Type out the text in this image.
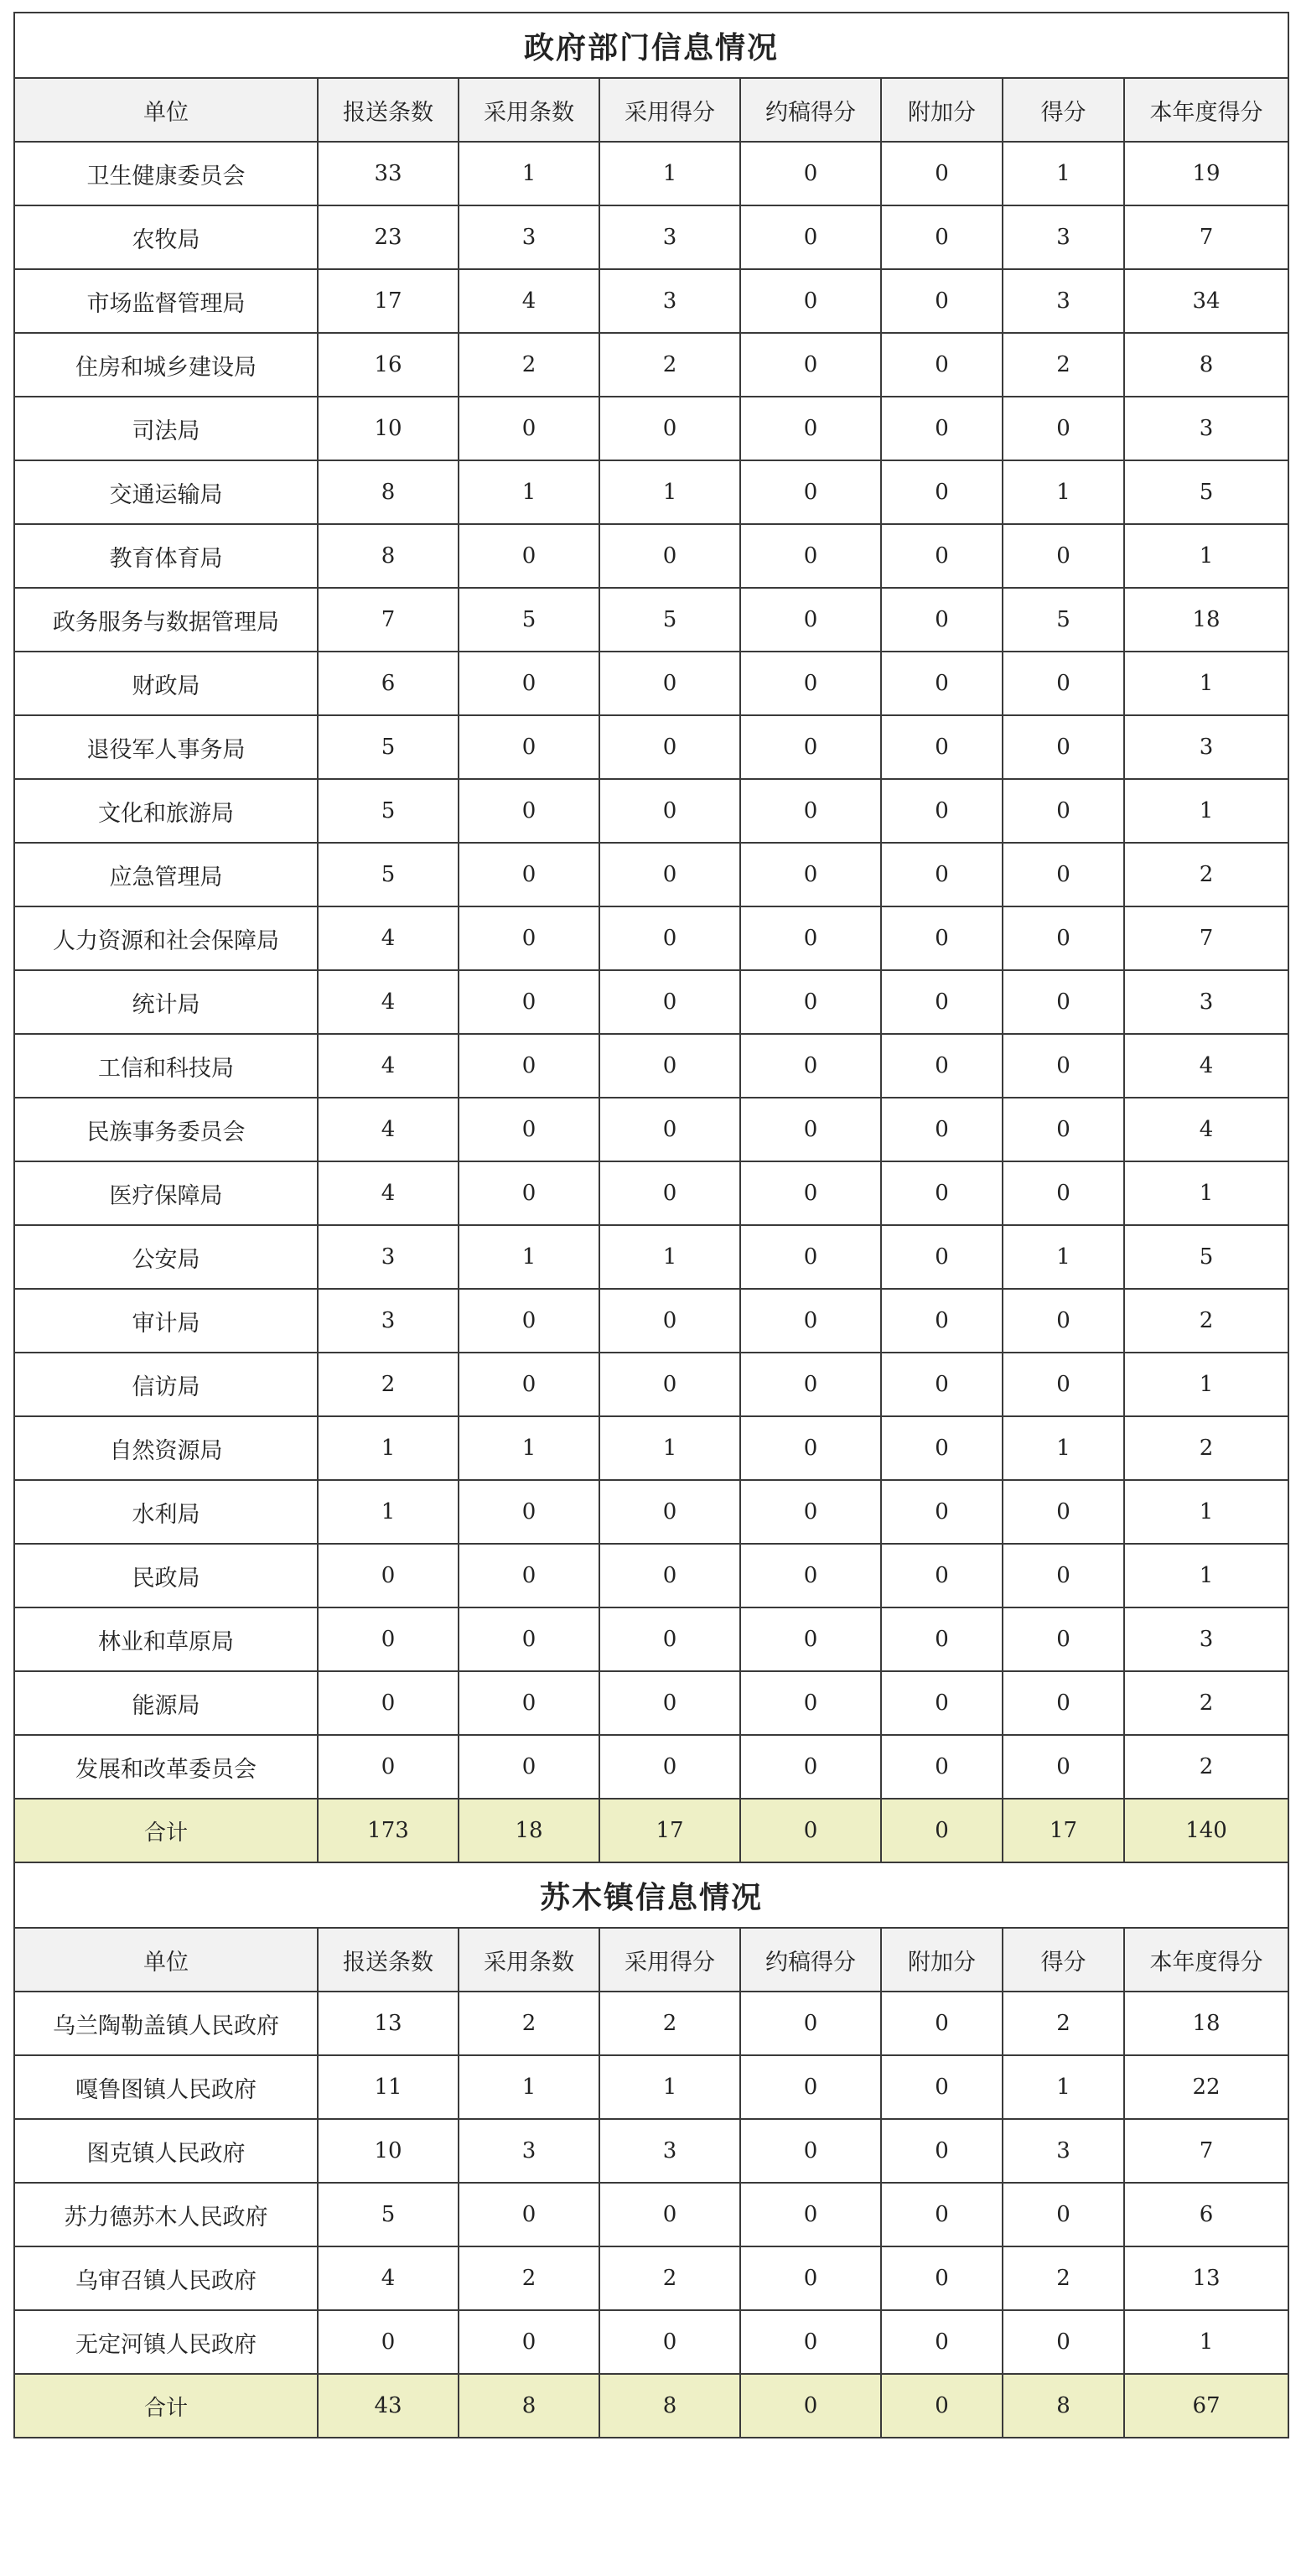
政府部门信息情况							
单位	报送条数	采用条数	采用得分	约稿得分	附加分	得分	本年度得分
卫生健康委员会	33	1	1	0	0	1	19
农牧局	23	3	3	0	0	3	7
市场监督管理局	17	4	3	0	0	3	34
住房和城乡建设局	16	2	2	0	0	2	8
司法局	10	0	0	0	0	0	3
交通运输局	8	1	1	0	0	1	5
教育体育局	8	0	0	0	0	0	1
政务服务与数据管理局	7	5	5	0	0	5	18
财政局	6	0	0	0	0	0	1
退役军人事务局	5	0	0	0	0	0	3
文化和旅游局	5	0	0	0	0	0	1
应急管理局	5	0	0	0	0	0	2
人力资源和社会保障局	4	0	0	0	0	0	7
统计局	4	0	0	0	0	0	3
工信和科技局	4	0	0	0	0	0	4
民族事务委员会	4	0	0	0	0	0	4
医疗保障局	4	0	0	0	0	0	1
公安局	3	1	1	0	0	1	5
审计局	3	0	0	0	0	0	2
信访局	2	0	0	0	0	0	1
自然资源局	1	1	1	0	0	1	2
水利局	1	0	0	0	0	0	1
民政局	0	0	0	0	0	0	1
林业和草原局	0	0	0	0	0	0	3
能源局	0	0	0	0	0	0	2
发展和改革委员会	0	0	0	0	0	0	2
合计	173	18	17	0	0	17	140
苏木镇信息情况							
单位	报送条数	采用条数	采用得分	约稿得分	附加分	得分	本年度得分
乌兰陶勒盖镇人民政府	13	2	2	0	0	2	18
嘎鲁图镇人民政府	11	1	1	0	0	1	22
图克镇人民政府	10	3	3	0	0	3	7
苏力德苏木人民政府	5	0	0	0	0	0	6
乌审召镇人民政府	4	2	2	0	0	2	13
无定河镇人民政府	0	0	0	0	0	0	1
合计	43	8	8	0	0	8	67
